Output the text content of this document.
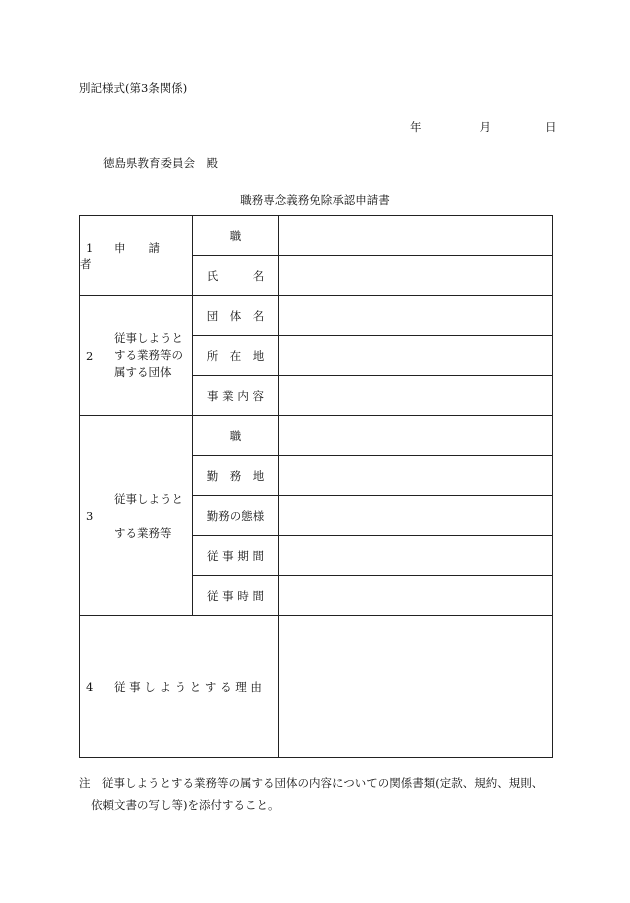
別記様式(第3条関係)
年	月	日
徳島県教育委員会　殿
職務専念義務免除承認申請書
1 申　　請　　者	職	
	氏　　　名	

2
従事しようとする業務等の属する団体	団　体　名	
	所　在　地	
	事 業 内 容	

3
従事しようとする業務等	職	
	勤　務　地	
	勤務の態様	
	従 事 期 間	
	従 事 時 間	
4 従 事 し よ う と す る 理 由		
注　従事しようとする業務等の属する団体の内容についての関係書類(定款、規約、規則、
依頼文書の写し等)を添付すること。
